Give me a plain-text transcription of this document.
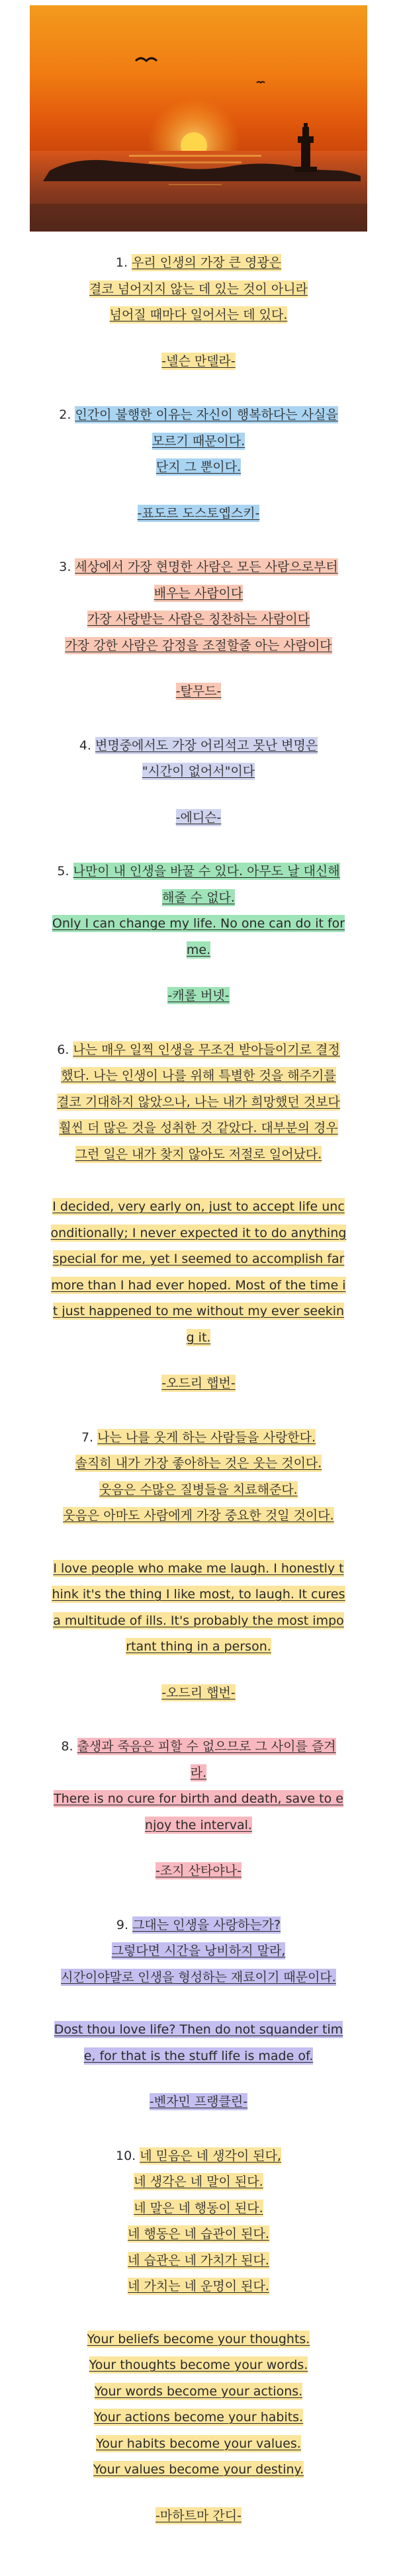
1. 우리 인생의 가장 큰 영광은
결코 넘어지지 않는 데 있는 것이 아니라
넘어질 때마다 일어서는 데 있다.
-넬슨 만델라-
2. 인간이 불행한 이유는 자신이 행복하다는 사실을
모르기 때문이다.
단지 그 뿐이다.
-표도르 도스토옙스키-
3. 세상에서 가장 현명한 사람은 모든 사람으로부터
배우는 사람이다
가장 사랑받는 사람은 칭찬하는 사람이다
가장 강한 사람은 감정을 조절할줄 아는 사람이다
-탈무드-
4. 변명중에서도 가장 어리석고 못난 변명은
"시간이 없어서"이다
-에디슨-
5. 나만이 내 인생을 바꿀 수 있다. 아무도 날 대신해
해줄 수 없다.
Only I can change my life. No one can do it for
me.
-캐롤 버넷-
6. 나는 매우 일찍 인생을 무조건 받아들이기로 결정
했다. 나는 인생이 나를 위해 특별한 것을 해주기를
결코 기대하지 않았으나, 나는 내가 희망했던 것보다
훨씬 더 많은 것을 성취한 것 같았다. 대부분의 경우
그런 일은 내가 찾지 않아도 저절로 일어났다.
I decided, very early on, just to accept life unc
onditionally; I never expected it to do anything
special for me, yet I seemed to accomplish far
more than I had ever hoped. Most of the time i
t just happened to me without my ever seekin
g it.
-오드리 햅번-
7. 나는 나를 웃게 하는 사람들을 사랑한다.
솔직히 내가 가장 좋아하는 것은 웃는 것이다.
웃음은 수많은 질병들을 치료해준다.
웃음은 아마도 사람에게 가장 중요한 것일 것이다.
I love people who make me laugh. I honestly t
hink it's the thing I like most, to laugh. It cures
a multitude of ills. It's probably the most impo
rtant thing in a person.
-오드리 햅번-
8. 출생과 죽음은 피할 수 없으므로 그 사이를 즐겨
라.
There is no cure for birth and death, save to e
njoy the interval.
-조지 산타야나-
9. 그대는 인생을 사랑하는가?
그렇다면 시간을 낭비하지 말라,
시간이야말로 인생을 형성하는 재료이기 때문이다.
Dost thou love life? Then do not squander tim
e, for that is the stuff life is made of.
-벤자민 프랭클린-
10. 네 믿음은 네 생각이 된다,
네 생각은 네 말이 된다.
네 말은 네 행동이 된다.
네 행동은 네 습관이 된다.
네 습관은 네 가치가 된다.
네 가치는 네 운명이 된다.
Your beliefs become your thoughts.
Your thoughts become your words.
Your words become your actions.
Your actions become your habits.
Your habits become your values.
Your values become your destiny.
-마하트마 간디-
